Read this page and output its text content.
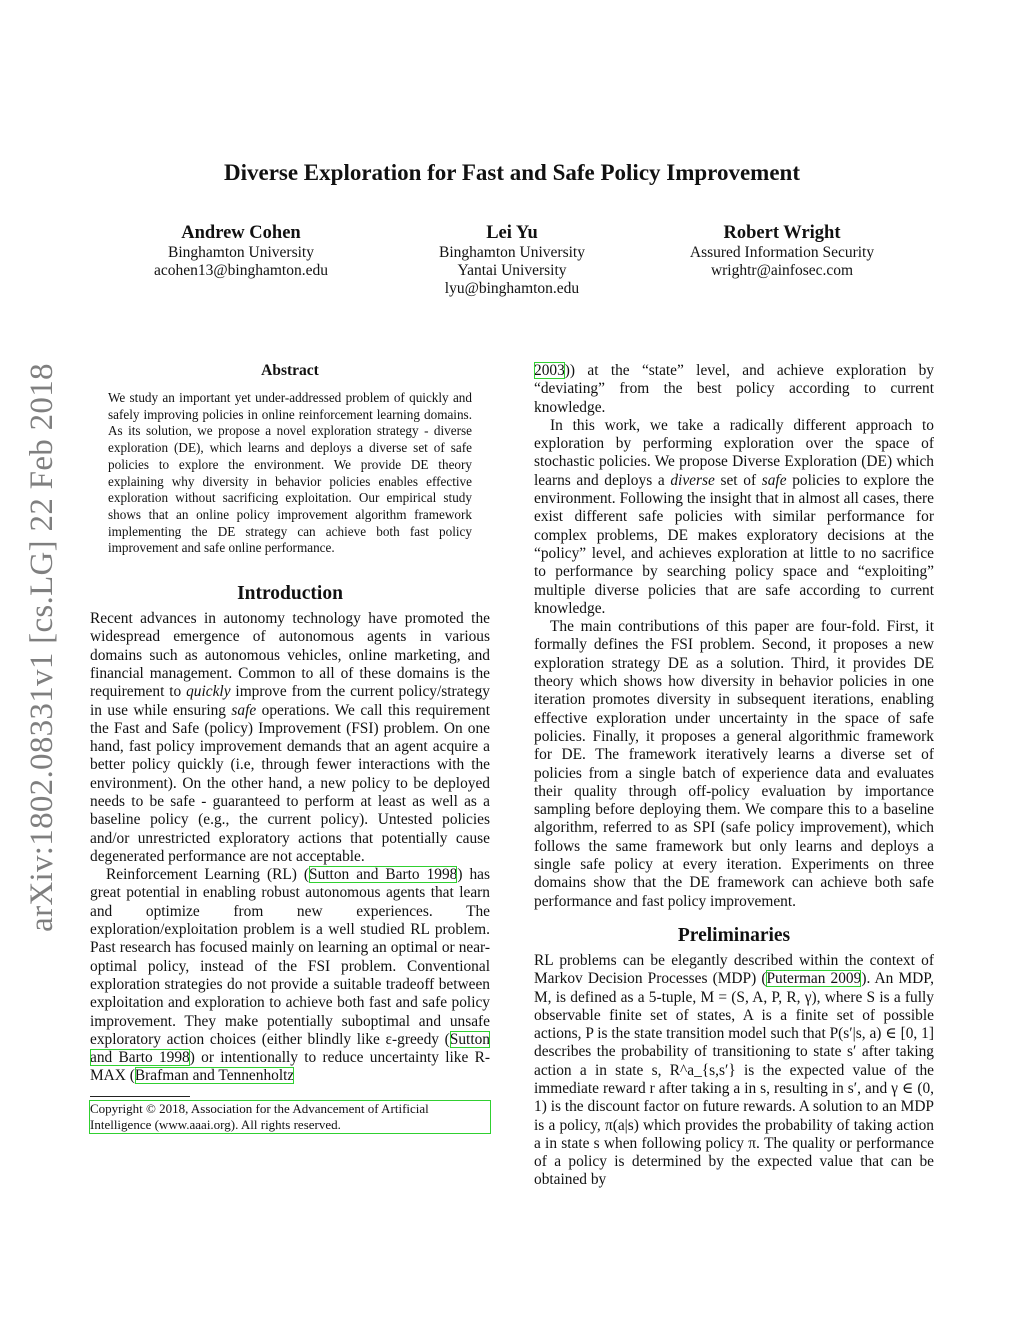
arXiv:1802.08331v1 [cs.LG] 22 Feb 2018
Diverse Exploration for Fast and Safe Policy Improvement
Andrew Cohen
Binghamton University
acohen13@binghamton.edu
Lei Yu
Binghamton University
Yantai University
lyu@binghamton.edu
Robert Wright
Assured Information Security
wrightr@ainfosec.com
Abstract
We study an important yet under-addressed problem of quickly and safely improving policies in online reinforcement learning domains. As its solution, we propose a novel exploration strategy - diverse exploration (DE), which learns and deploys a diverse set of safe policies to explore the environment. We provide DE theory explaining why diversity in behavior policies enables effective exploration without sacrificing exploitation. Our empirical study shows that an online policy improvement algorithm framework implementing the DE strategy can achieve both fast policy improvement and safe online performance.
Introduction

Recent advances in autonomy technology have promoted the widespread emergence of autonomous agents in various domains such as autonomous vehicles, online marketing, and financial management. Common to all of these domains is the requirement to quickly improve from the current policy/strategy in use while ensuring safe operations. We call this requirement the Fast and Safe (policy) Improvement (FSI) problem. On one hand, fast policy improvement demands that an agent acquire a better policy quickly (i.e, through fewer interactions with the environment). On the other hand, a new policy to be deployed needs to be safe - guaranteed to perform at least as well as a baseline policy (e.g., the current policy). Untested policies and/or unrestricted exploratory actions that potentially cause degenerated performance are not acceptable.

Reinforcement Learning (RL) (Sutton and Barto 1998) has great potential in enabling robust autonomous agents that learn and optimize from new experiences. The exploration/exploitation problem is a well studied RL problem. Past research has focused mainly on learning an optimal or near-optimal policy, instead of the FSI problem. Conventional exploration strategies do not provide a suitable tradeoff between exploitation and exploration to achieve both fast and safe policy improvement. They make potentially suboptimal and unsafe exploratory action choices (either blindly like ε-greedy (Sutton and Barto 1998) or intentionally to reduce uncertainty like R-MAX (Brafman and Tennenholtz

Copyright © 2018, Association for the Advancement of Artificial Intelligence (www.aaai.org). All rights reserved.

2003)) at the “state” level, and achieve exploration by “deviating” from the best policy according to current knowledge.

In this work, we take a radically different approach to exploration by performing exploration over the space of stochastic policies. We propose Diverse Exploration (DE) which learns and deploys a diverse set of safe policies to explore the environment. Following the insight that in almost all cases, there exist different safe policies with similar performance for complex problems, DE makes exploratory decisions at the “policy” level, and achieves exploration at little to no sacrifice to performance by searching policy space and “exploiting” multiple diverse policies that are safe according to current knowledge.

The main contributions of this paper are four-fold. First, it formally defines the FSI problem. Second, it proposes a new exploration strategy DE as a solution. Third, it provides DE theory which shows how diversity in behavior policies in one iteration promotes diversity in subsequent iterations, enabling effective exploration under uncertainty in the space of safe policies. Finally, it proposes a general algorithmic framework for DE. The framework iteratively learns a diverse set of policies from a single batch of experience data and evaluates their quality through off-policy evaluation by importance sampling before deploying them. We compare this to a baseline algorithm, referred to as SPI (safe policy improvement), which follows the same framework but only learns and deploys a single safe policy at every iteration. Experiments on three domains show that the DE framework can achieve both safe performance and fast policy improvement.

Preliminaries

RL problems can be elegantly described within the context of Markov Decision Processes (MDP) (Puterman 2009). An MDP, M, is defined as a 5-tuple, M = (S, A, P, R, γ), where S is a fully observable finite set of states, A is a finite set of possible actions, P is the state transition model such that P(s′|s, a) ∈ [0, 1] describes the probability of transitioning to state s′ after taking action a in state s, R^a_{s,s′} is the expected value of the immediate reward r after taking a in s, resulting in s′, and γ ∈ (0, 1) is the discount factor on future rewards. A solution to an MDP is a policy, π(a|s) which provides the probability of taking action a in state s when following policy π. The quality or performance of a policy is determined by the expected value that can be obtained by
